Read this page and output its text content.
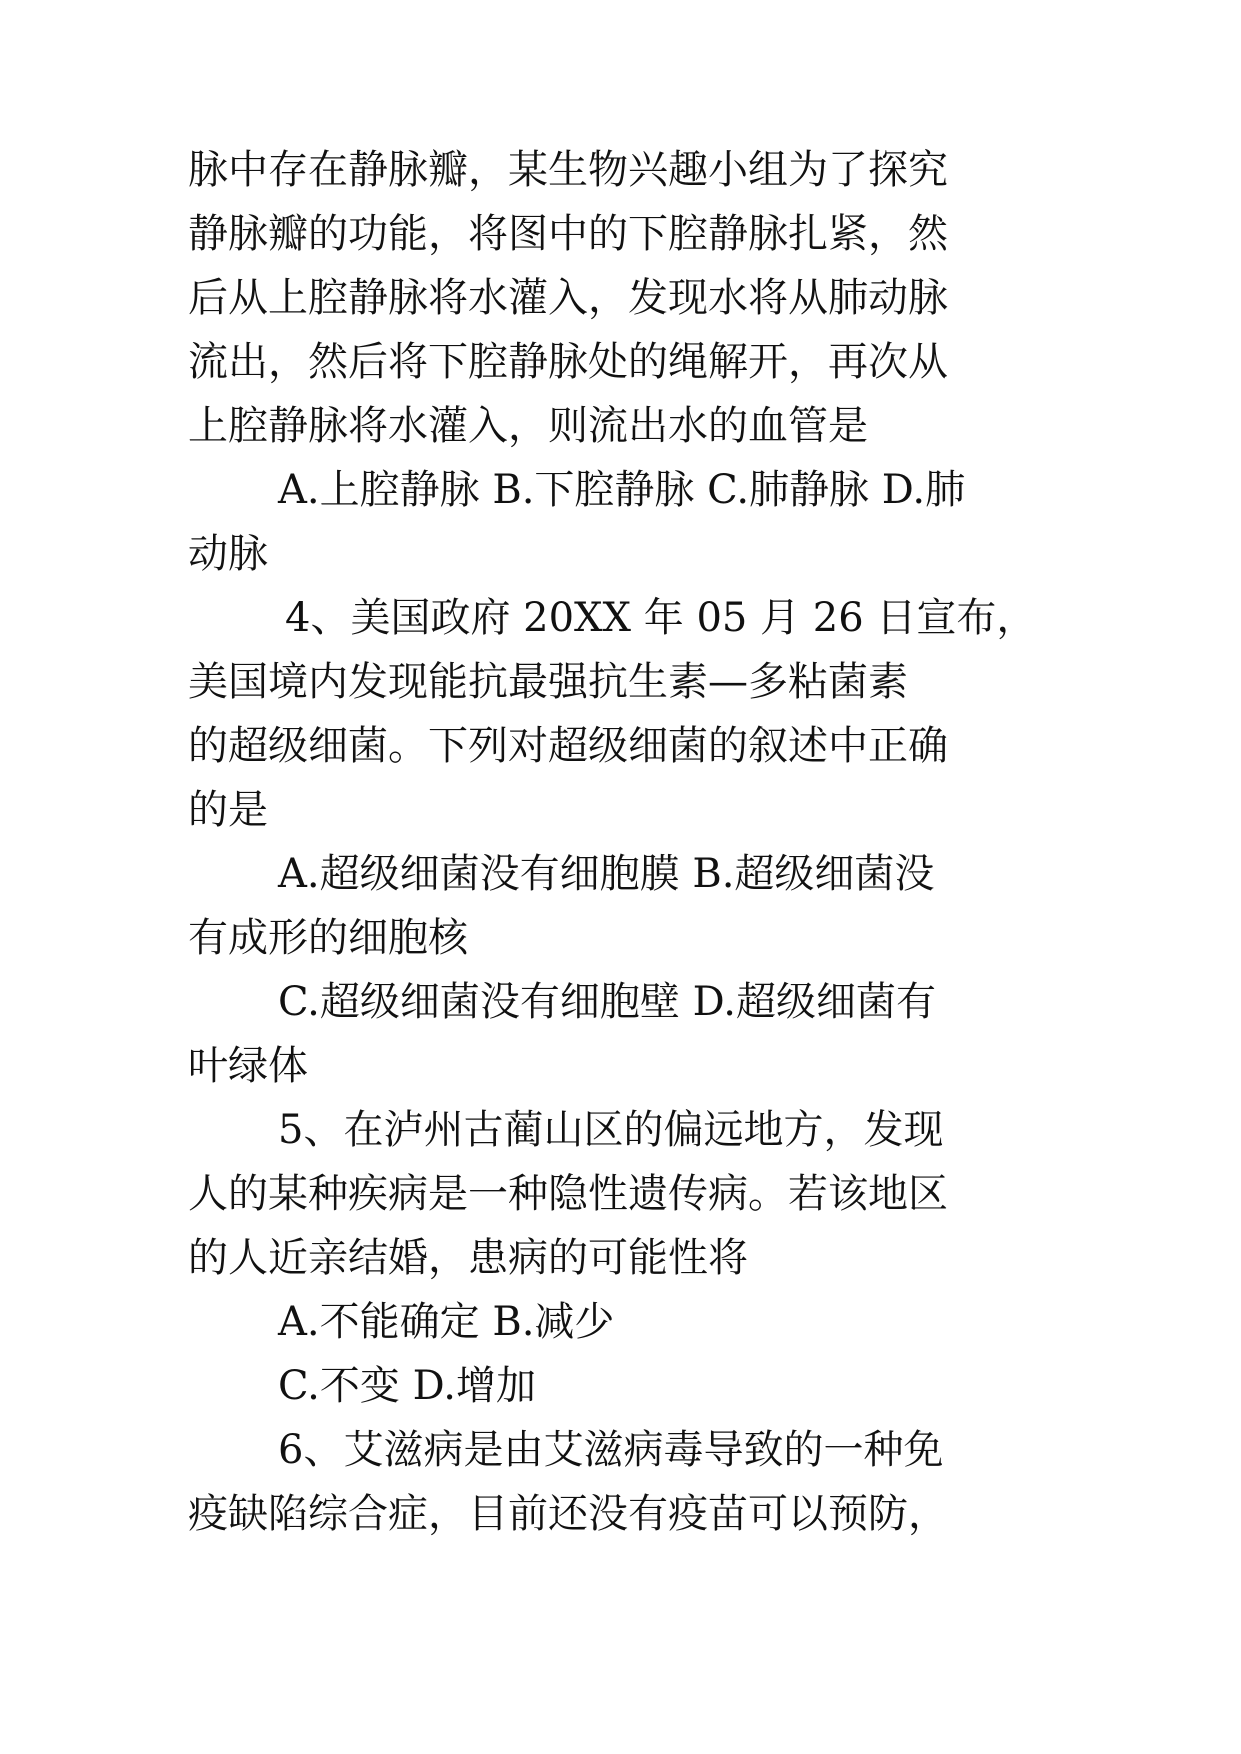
脉中存在静脉瓣，某生物兴趣小组为了探究
静脉瓣的功能，将图中的下腔静脉扎紧，然
后从上腔静脉将水灌入，发现水将从肺动脉
流出，然后将下腔静脉处的绳解开，再次从
上腔静脉将水灌入，则流出水的血管是
A.上腔静脉 B.下腔静脉 C.肺静脉 D.肺
动脉
4、美国政府 20XX 年 05 月 26 日宣布，
美国境内发现能抗最强抗生素—多粘菌素
的超级细菌。下列对超级细菌的叙述中正确
的是
A.超级细菌没有细胞膜 B.超级细菌没
有成形的细胞核
C.超级细菌没有细胞壁 D.超级细菌有
叶绿体
5、在泸州古蔺山区的偏远地方，发现
人的某种疾病是一种隐性遗传病。若该地区
的人近亲结婚，患病的可能性将
A.不能确定 B.减少
C.不变 D.增加
6、艾滋病是由艾滋病毒导致的一种免
疫缺陷综合症，目前还没有疫苗可以预防，
